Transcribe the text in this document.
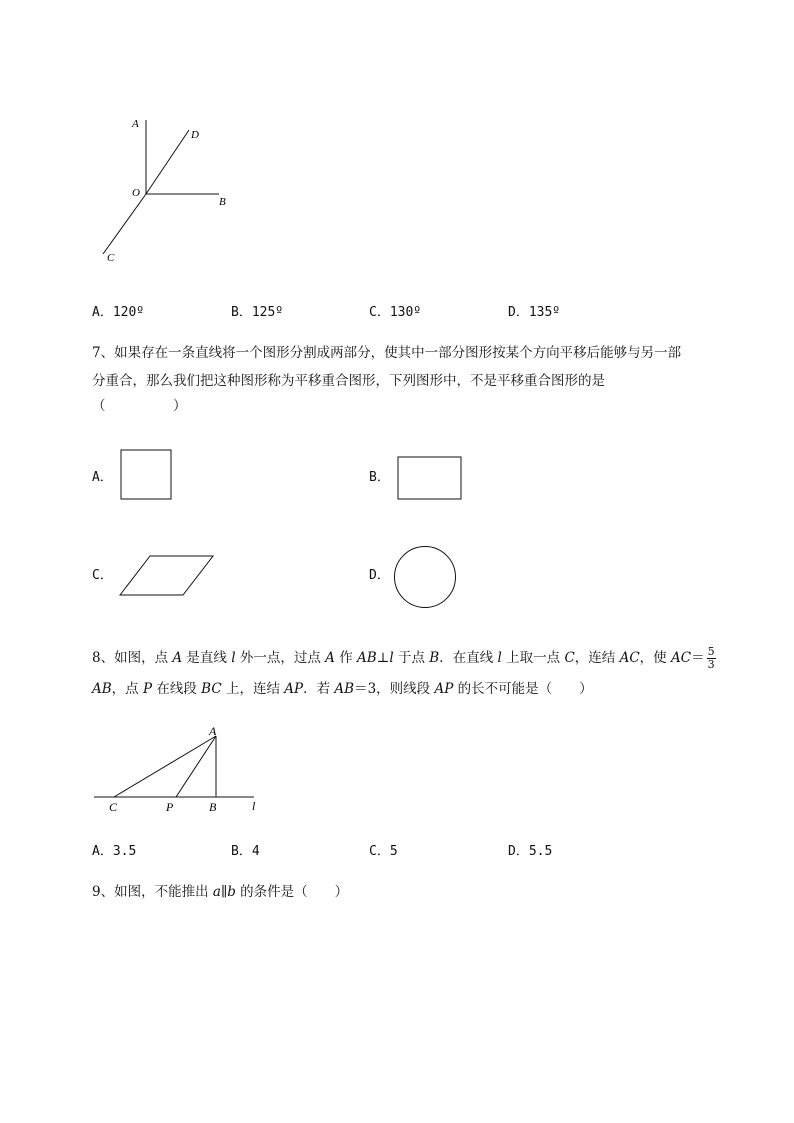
A
D
O
B
C
A．120º	B．125º	C．130º	D．135º
7、如果存在一条直线将一个图形分割成两部分，使其中一部分图形按某个方向平移后能够与另一部
分重合，那么我们把这种图形称为平移重合图形，下列图形中，不是平移重合图形的是
（　　　　　）
A．	B．
C．	D．
8、如图，点 A 是直线 l 外一点，过点 A 作 AB⊥l 于点 B．在直线 l 上取一点 C，连结 AC，使 $AC= \frac{5}{3}$
AB，点 P 在线段 BC 上，连结 AP．若 AB＝3，则线段 AP 的长不可能是（　　）
A
C	P	B	l
A．3.5	B．4	C．5	D．5.5
9、如图，不能推出 a∥b 的条件是（　　）
